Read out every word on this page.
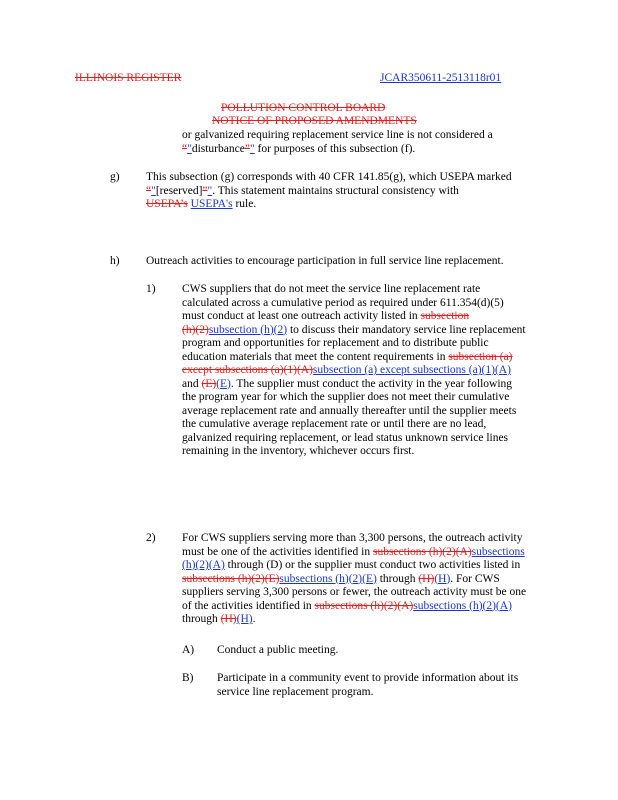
ILLINOIS REGISTER	JCAR350611-2513118r01
POLLUTION CONTROL BOARD
NOTICE OF PROPOSED AMENDMENTS
or galvanized requiring replacement service line is not considered a
“"disturbance”" for purposes of this subsection (f).
g) This subsection (g) corresponds with 40 CFR 141.85(g), which USEPA marked
“"[reserved]”". This statement maintains structural consistency with
USEPA’s USEPA's rule.
h) Outreach activities to encourage participation in full service line replacement.
1) CWS suppliers that do not meet the service line replacement rate
calculated across a cumulative period as required under 611.354(d)(5)
must conduct at least one outreach activity listed in subsection
(h)(2)subsection (h)(2) to discuss their mandatory service line replacement
program and opportunities for replacement and to distribute public
education materials that meet the content requirements in subsection (a)
except subsections (a)(1)(A)subsection (a) except subsections (a)(1)(A)
and (E)(E). The supplier must conduct the activity in the year following
the program year for which the supplier does not meet their cumulative
average replacement rate and annually thereafter until the supplier meets
the cumulative average replacement rate or until there are no lead,
galvanized requiring replacement, or lead status unknown service lines
remaining in the inventory, whichever occurs first.
2) For CWS suppliers serving more than 3,300 persons, the outreach activity
must be one of the activities identified in subsections (h)(2)(A)subsections
(h)(2)(A) through (D) or the supplier must conduct two activities listed in
subsections (h)(2)(E)subsections (h)(2)(E) through (H)(H). For CWS
suppliers serving 3,300 persons or fewer, the outreach activity must be one
of the activities identified in subsections (h)(2)(A)subsections (h)(2)(A)
through (H)(H).
A) Conduct a public meeting.
B) Participate in a community event to provide information about its
service line replacement program.
